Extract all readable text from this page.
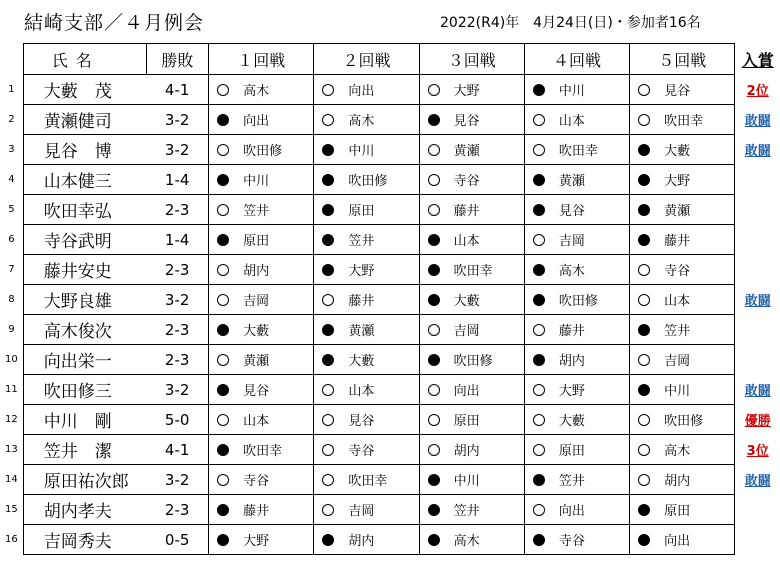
結崎支部／４月例会	2022(R4)年　4月24日(日)・参加者16名
	氏名	勝敗	１回戦	２回戦	３回戦	４回戦	５回戦	入賞
1	大藪　茂	4-1	高木	向出	大野	中川	見谷	2位
2	黄瀬健司	3-2	向出	高木	見谷	山本	吹田幸	敢闘
3	見谷　博	3-2	吹田修	中川	黄瀬	吹田幸	大藪	敢闘
4	山本健三	1-4	中川	吹田修	寺谷	黄瀬	大野	
5	吹田幸弘	2-3	笠井	原田	藤井	見谷	黄瀬	
6	寺谷武明	1-4	原田	笠井	山本	吉岡	藤井	
7	藤井安史	2-3	胡内	大野	吹田幸	高木	寺谷	
8	大野良雄	3-2	吉岡	藤井	大藪	吹田修	山本	敢闘
9	高木俊次	2-3	大藪	黄瀬	吉岡	藤井	笠井	
10	向出栄一	2-3	黄瀬	大藪	吹田修	胡内	吉岡	
11	吹田修三	3-2	見谷	山本	向出	大野	中川	敢闘
12	中川　剛	5-0	山本	見谷	原田	大藪	吹田修	優勝
13	笠井　潔	4-1	吹田幸	寺谷	胡内	原田	高木	3位
14	原田祐次郎	3-2	寺谷	吹田幸	中川	笠井	胡内	敢闘
15	胡内孝夫	2-3	藤井	吉岡	笠井	向出	原田	
16	吉岡秀夫	0-5	大野	胡内	高木	寺谷	向出	
